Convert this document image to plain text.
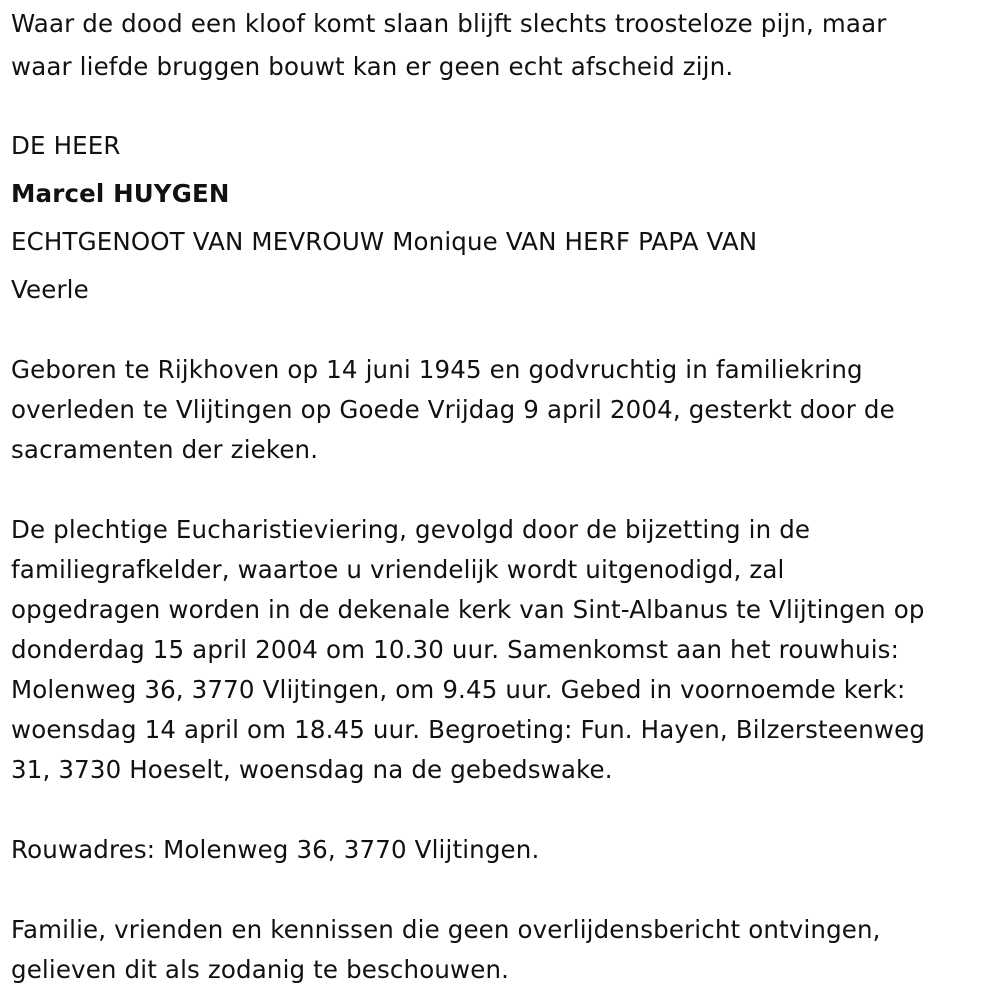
Waar de dood een kloof komt slaan blijft slechts troosteloze pijn, maar
waar liefde bruggen bouwt kan er geen echt afscheid zijn.
DE HEER
Marcel HUYGEN
ECHTGENOOT VAN MEVROUW Monique VAN HERF PAPA VAN
Veerle
Geboren te Rijkhoven op 14 juni 1945 en godvruchtig in familiekring
overleden te Vlijtingen op Goede Vrijdag 9 april 2004, gesterkt door de
sacramenten der zieken.
De plechtige Eucharistieviering, gevolgd door de bijzetting in de
familiegrafkelder, waartoe u vriendelijk wordt uitgenodigd, zal
opgedragen worden in de dekenale kerk van Sint-Albanus te Vlijtingen op
donderdag 15 april 2004 om 10.30 uur. Samenkomst aan het rouwhuis:
Molenweg 36, 3770 Vlijtingen, om 9.45 uur. Gebed in voornoemde kerk:
woensdag 14 april om 18.45 uur. Begroeting: Fun. Hayen, Bilzersteenweg
31, 3730 Hoeselt, woensdag na de gebedswake.
Rouwadres: Molenweg 36, 3770 Vlijtingen.
Familie, vrienden en kennissen die geen overlijdensbericht ontvingen,
gelieven dit als zodanig te beschouwen.
